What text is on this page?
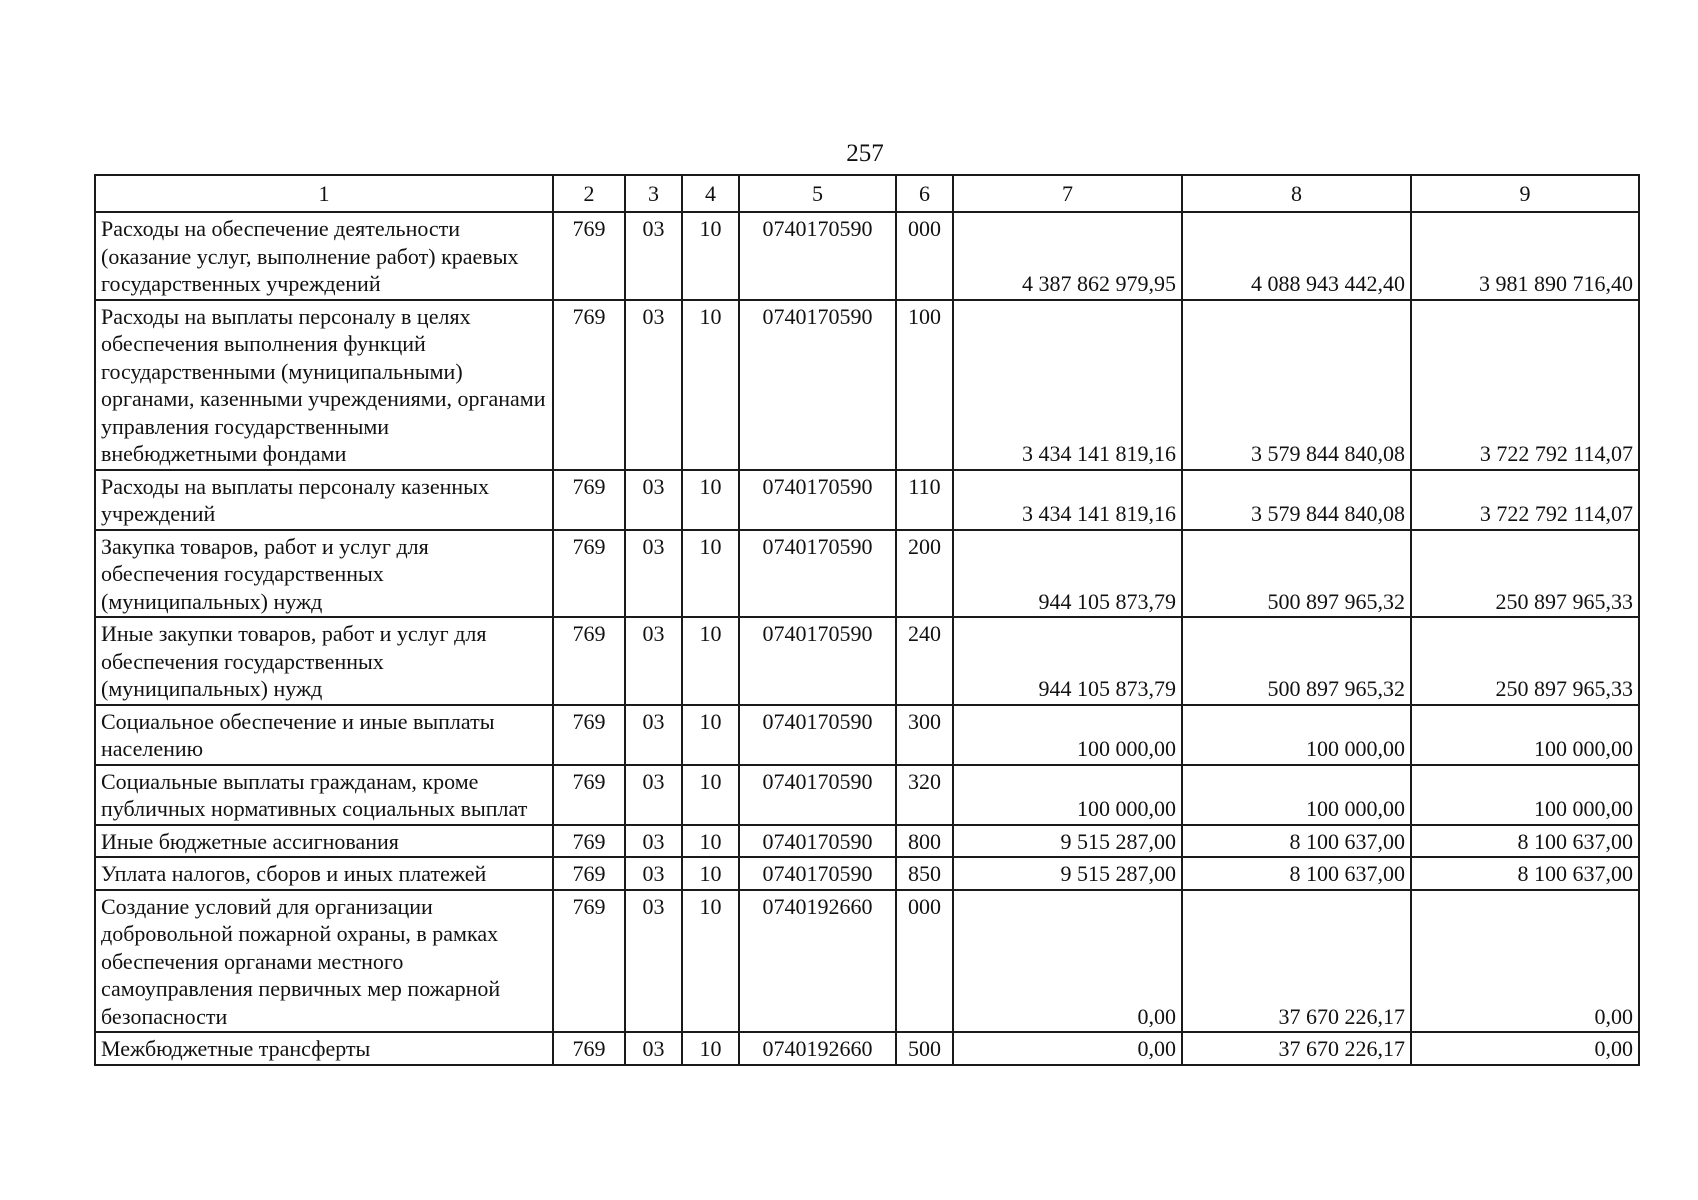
257
1	2	3	4	5	6	7	8	9
Расходы на обеспечение деятельности (оказание услуг, выполнение работ) краевых государственных учреждений	769	03	10	0740170590	000	4 387 862 979,95	4 088 943 442,40	3 981 890 716,40
Расходы на выплаты персоналу в целях обеспечения выполнения функций государственными (муниципальными) органами, казенными учреждениями, органами управления государственными внебюджетными фондами	769	03	10	0740170590	100	3 434 141 819,16	3 579 844 840,08	3 722 792 114,07
Расходы на выплаты персоналу казенных учреждений	769	03	10	0740170590	110	3 434 141 819,16	3 579 844 840,08	3 722 792 114,07
Закупка товаров, работ и услуг для обеспечения государственных (муниципальных) нужд	769	03	10	0740170590	200	944 105 873,79	500 897 965,32	250 897 965,33
Иные закупки товаров, работ и услуг для обеспечения государственных (муниципальных) нужд	769	03	10	0740170590	240	944 105 873,79	500 897 965,32	250 897 965,33
Социальное обеспечение и иные выплаты населению	769	03	10	0740170590	300	100 000,00	100 000,00	100 000,00
Социальные выплаты гражданам, кроме публичных нормативных социальных выплат	769	03	10	0740170590	320	100 000,00	100 000,00	100 000,00
Иные бюджетные ассигнования	769	03	10	0740170590	800	9 515 287,00	8 100 637,00	8 100 637,00
Уплата налогов, сборов и иных платежей	769	03	10	0740170590	850	9 515 287,00	8 100 637,00	8 100 637,00
Создание условий для организации добровольной пожарной охраны, в рамках обеспечения органами местного самоуправления первичных мер пожарной безопасности	769	03	10	0740192660	000	0,00	37 670 226,17	0,00
Межбюджетные трансферты	769	03	10	0740192660	500	0,00	37 670 226,17	0,00
